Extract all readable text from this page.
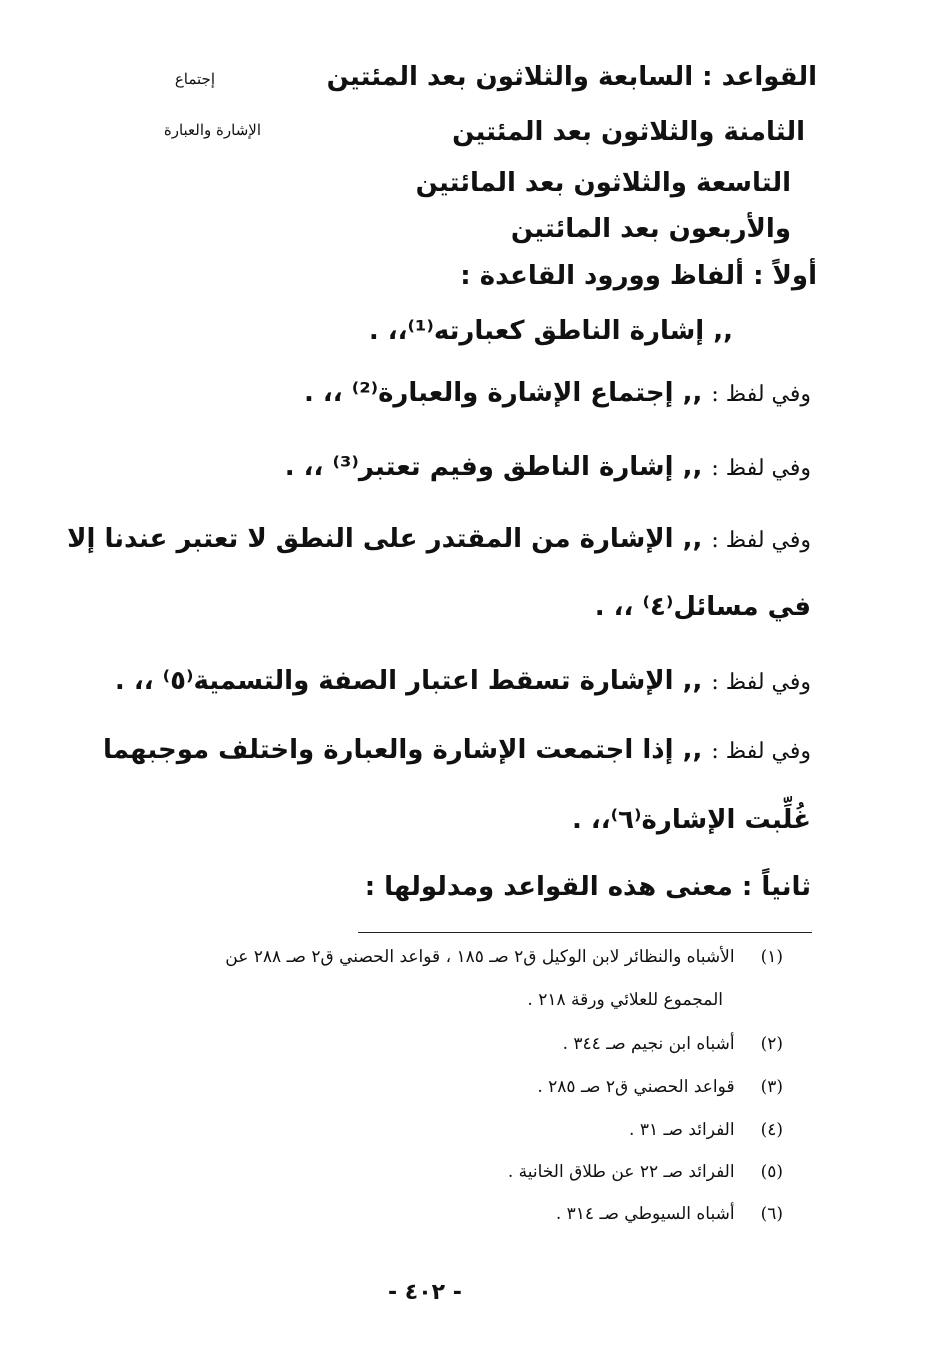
إجتماع
الإشارة والعبارة
القواعد : السابعة والثلاثون بعد المئتين
الثامنة والثلاثون بعد المئتين
التاسعة والثلاثون بعد المائتين
والأربعون بعد المائتين
أولاً : ألفاظ وورود القاعدة :
,, إشارة الناطق كعبارته⁽¹⁾،، .
وفي لفظ : ,, إجتماع الإشارة والعبارة⁽²⁾ ،، .
وفي لفظ : ,, إشارة الناطق وفيم تعتبر⁽³⁾ ،، .
وفي لفظ : ,, الإشارة من المقتدر على النطق لا تعتبر عندنا إلا
في مسائل⁽٤⁾ ،، .
وفي لفظ : ,, الإشارة تسقط اعتبار الصفة والتسمية⁽٥⁾ ،، .
وفي لفظ : ,, إذا اجتمعت الإشارة والعبارة واختلف موجبهما
غُلِّبت الإشارة⁽٦⁾،، .
ثانياً : معنى هذه القواعد ومدلولها :
(١)الأشباه والنظائر لابن الوكيل ق٢ صـ ١٨٥ ، قواعد الحصني ق٢ صـ ٢٨٨ عن
المجموع للعلائي ورقة ٢١٨ .
(٢)أشباه ابن نجيم صـ ٣٤٤ .
(٣)قواعد الحصني ق٢ صـ ٢٨٥ .
(٤)الفرائد صـ ٣١ .
(٥)الفرائد صـ ٢٢ عن طلاق الخانية .
(٦)أشباه السيوطي صـ ٣١٤ .
- ٤٠٢ -
